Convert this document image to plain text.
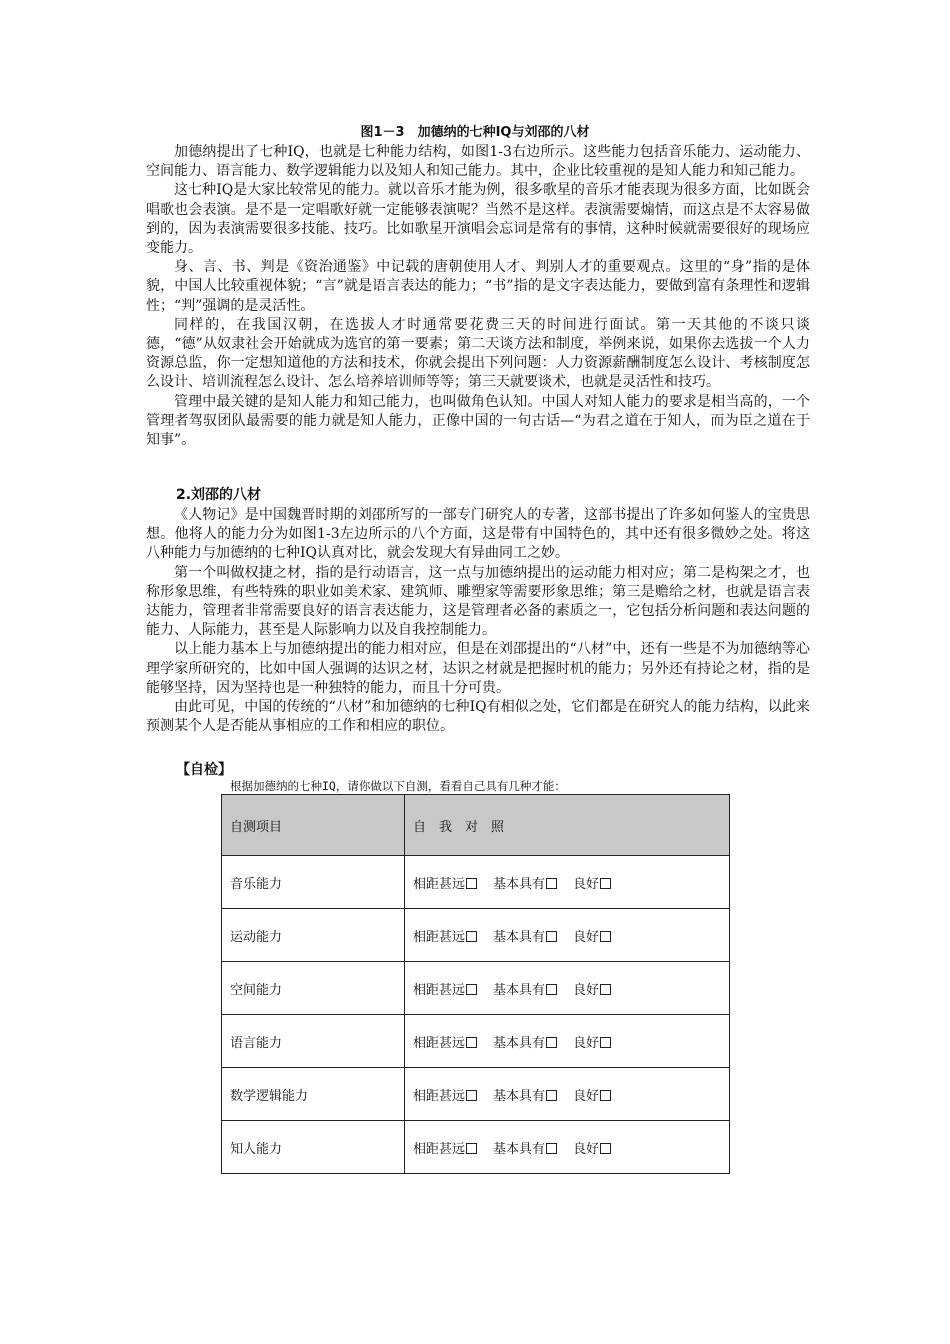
图1－3　加德纳的七种IQ与刘邵的八材

加德纳提出了七种IQ，也就是七种能力结构，如图1-3右边所示。这些能力包括音乐能力、运动能力、空间能力、语言能力、数学逻辑能力以及知人和知己能力。其中，企业比较重视的是知人能力和知己能力。

这七种IQ是大家比较常见的能力。就以音乐才能为例，很多歌星的音乐才能表现为很多方面，比如既会唱歌也会表演。是不是一定唱歌好就一定能够表演呢？当然不是这样。表演需要煽情，而这点是不太容易做到的，因为表演需要很多技能、技巧。比如歌星开演唱会忘词是常有的事情，这种时候就需要很好的现场应变能力。

身、言、书、判是《资治通鉴》中记载的唐朝使用人才、判别人才的重要观点。这里的“身”指的是体貌，中国人比较重视体貌；“言”就是语言表达的能力；“书”指的是文字表达能力，要做到富有条理性和逻辑性；“判”强调的是灵活性。

同样的，在我国汉朝，在选拔人才时通常要花费三天的时间进行面试。第一天其他的不谈只谈德，“德”从奴隶社会开始就成为选官的第一要素；第二天谈方法和制度，举例来说，如果你去选拔一个人力资源总监，你一定想知道他的方法和技术，你就会提出下列问题：人力资源薪酬制度怎么设计、考核制度怎么设计、培训流程怎么设计、怎么培养培训师等等；第三天就要谈术，也就是灵活性和技巧。

管理中最关键的是知人能力和知己能力，也叫做角色认知。中国人对知人能力的要求是相当高的，一个管理者驾驭团队最需要的能力就是知人能力，正像中国的一句古话—“为君之道在于知人，而为臣之道在于知事”。

2.刘邵的八材

《人物记》是中国魏晋时期的刘邵所写的一部专门研究人的专著，这部书提出了许多如何鉴人的宝贵思想。他将人的能力分为如图1-3左边所示的八个方面，这是带有中国特色的，其中还有很多微妙之处。将这八种能力与加德纳的七种IQ认真对比，就会发现大有异曲同工之妙。

第一个叫做权捷之材，指的是行动语言，这一点与加德纳提出的运动能力相对应；第二是构架之才，也称形象思维，有些特殊的职业如美术家、建筑师、雕塑家等需要形象思维；第三是赡给之材，也就是语言表达能力，管理者非常需要良好的语言表达能力，这是管理者必备的素质之一，它包括分析问题和表达问题的能力、人际能力，甚至是人际影响力以及自我控制能力。

以上能力基本上与加德纳提出的能力相对应，但是在刘邵提出的“八材”中，还有一些是不为加德纳等心理学家所研究的，比如中国人强调的达识之材，达识之材就是把握时机的能力；另外还有持论之材，指的是能够坚持，因为坚持也是一种独特的能力，而且十分可贵。

由此可见，中国的传统的“八材”和加德纳的七种IQ有相似之处，它们都是在研究人的能力结构，以此来预测某个人是否能从事相应的工作和相应的职位。

【自检】
根据加德纳的七种IQ，请你做以下自测，看看自己具有几种才能：
自测项目	自　我　对　照
音乐能力	相距甚远 基本具有 良好
运动能力	相距甚远 基本具有 良好
空间能力	相距甚远 基本具有 良好
语言能力	相距甚远 基本具有 良好
数学逻辑能力	相距甚远 基本具有 良好
知人能力	相距甚远 基本具有 良好
